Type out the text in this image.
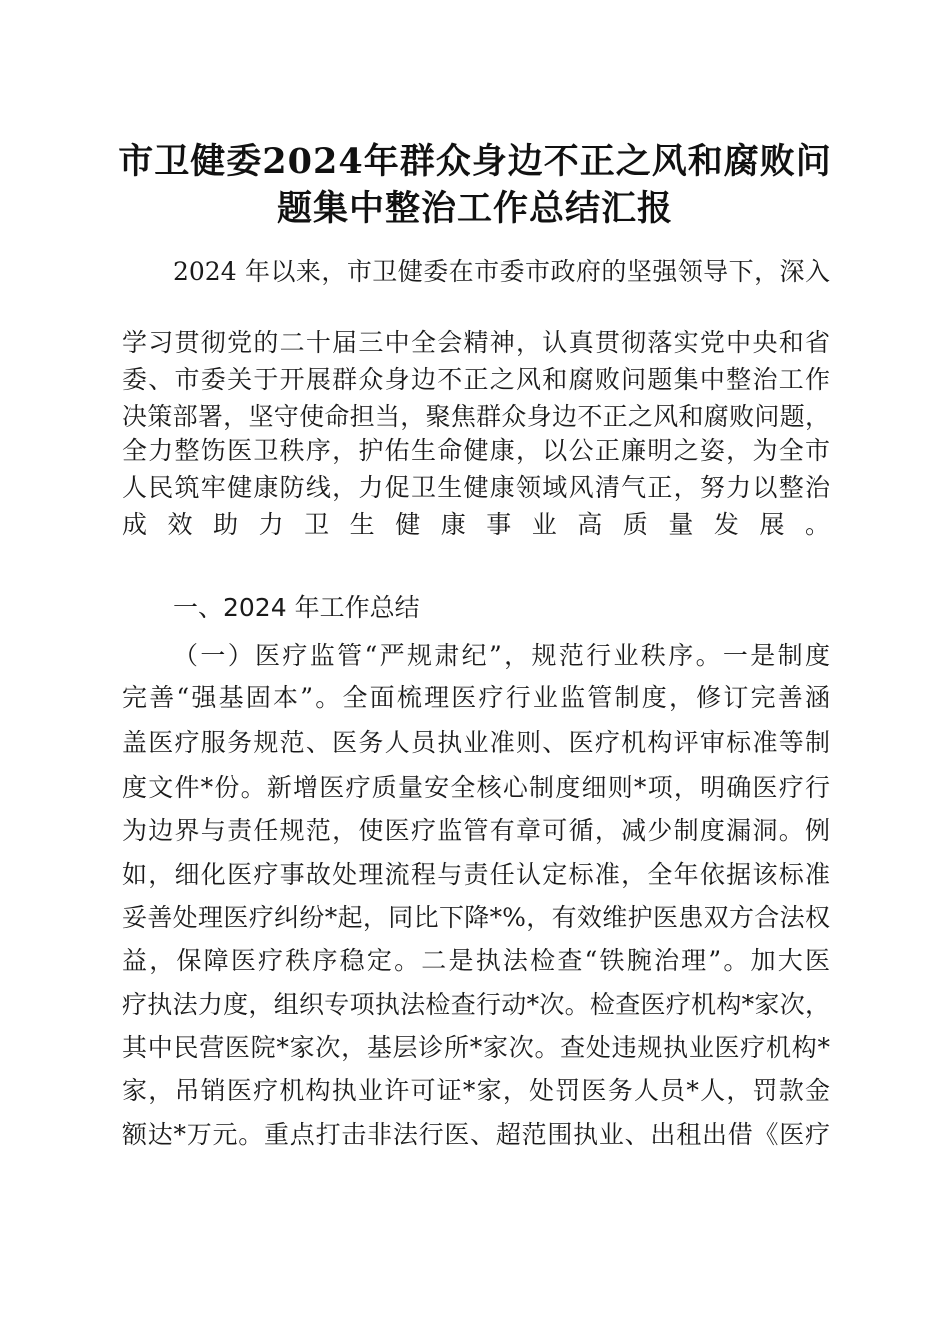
市卫健委2024年群众身边不正之风和腐败问
题集中整治工作总结汇报
2024 年以来，市卫健委在市委市政府的坚强领导下，深入
学习贯彻党的二十届三中全会精神，认真贯彻落实党中央和省
委、市委关于开展群众身边不正之风和腐败问题集中整治工作
决策部署，坚守使命担当，聚焦群众身边不正之风和腐败问题，
全力整饬医卫秩序，护佑生命健康，以公正廉明之姿，为全市
人民筑牢健康防线，力促卫生健康领域风清气正，努力以整治
成效助力卫生健康事业高质量发展。
一、2024 年工作总结
（一）医疗监管“严规肃纪”，规范行业秩序。一是制度
完善“强基固本”。全面梳理医疗行业监管制度，修订完善涵
盖医疗服务规范、医务人员执业准则、医疗机构评审标准等制
度文件*份。新增医疗质量安全核心制度细则*项，明确医疗行
为边界与责任规范，使医疗监管有章可循，减少制度漏洞。例
如，细化医疗事故处理流程与责任认定标准，全年依据该标准
妥善处理医疗纠纷*起，同比下降*%，有效维护医患双方合法权
益，保障医疗秩序稳定。二是执法检查“铁腕治理”。加大医
疗执法力度，组织专项执法检查行动*次。检查医疗机构*家次，
其中民营医院*家次，基层诊所*家次。查处违规执业医疗机构*
家，吊销医疗机构执业许可证*家，处罚医务人员*人，罚款金
额达*万元。重点打击非法行医、超范围执业、出租出借《医疗
